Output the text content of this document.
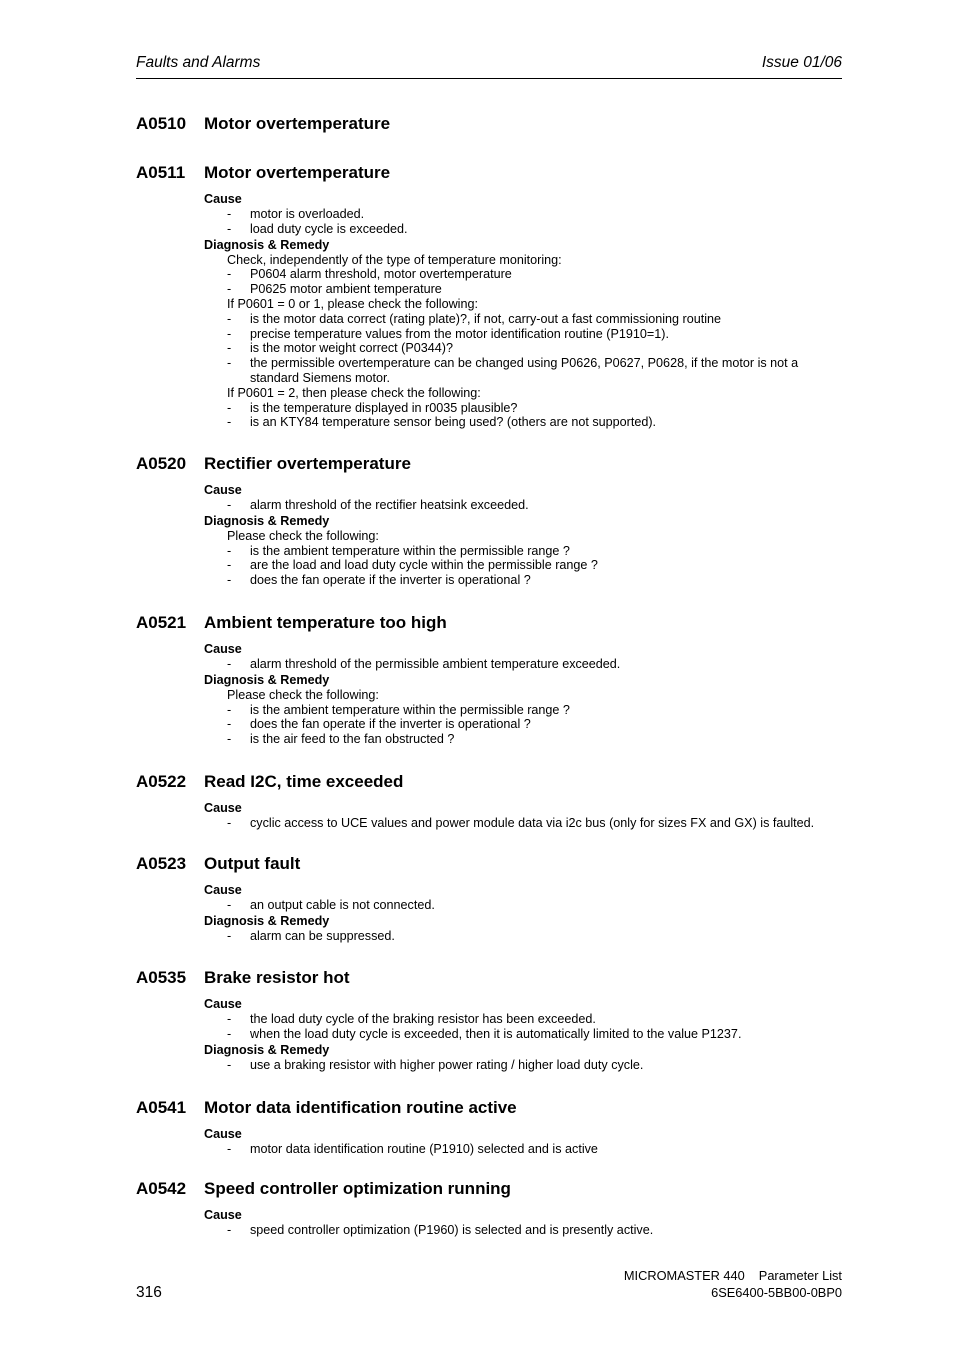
Faults and Alarms	Issue 01/06
A0510 Motor overtemperature
A0511 Motor overtemperature
Cause
- motor is overloaded.
- load duty cycle is exceeded.
Diagnosis & Remedy
Check, independently of the type of temperature monitoring:
- P0604 alarm threshold, motor overtemperature
- P0625 motor ambient temperature
If P0601 = 0 or 1, please check the following:
- is the motor data correct (rating plate)?, if not, carry-out a fast commissioning routine
- precise temperature values from the motor identification routine (P1910=1).
- is the motor weight correct (P0344)?
- the permissible overtemperature can be changed using P0626, P0627, P0628, if the motor is not a
standard Siemens motor.
If P0601 = 2, then please check the following:
- is the temperature displayed in r0035 plausible?
- is an KTY84 temperature sensor being used? (others are not supported).
A0520 Rectifier overtemperature
Cause
- alarm threshold of the rectifier heatsink exceeded.
Diagnosis & Remedy
Please check the following:
- is the ambient temperature within the permissible range ?
- are the load and load duty cycle within the permissible range ?
- does the fan operate if the inverter is operational ?
A0521 Ambient temperature too high
Cause
- alarm threshold of the permissible ambient temperature exceeded.
Diagnosis & Remedy
Please check the following:
- is the ambient temperature within the permissible range ?
- does the fan operate if the inverter is operational ?
- is the air feed to the fan obstructed ?
A0522 Read I2C, time exceeded
Cause
- cyclic access to UCE values and power module data via i2c bus (only for sizes FX and GX) is faulted.
A0523 Output fault
Cause
- an output cable is not connected.
Diagnosis & Remedy
- alarm can be suppressed.
A0535 Brake resistor hot
Cause
- the load duty cycle of the braking resistor has been exceeded.
- when the load duty cycle is exceeded, then it is automatically limited to the value P1237.
Diagnosis & Remedy
- use a braking resistor with higher power rating / higher load duty cycle.
A0541 Motor data identification routine active
Cause
- motor data identification routine (P1910) selected and is active
A0542 Speed controller optimization running
Cause
- speed controller optimization (P1960) is selected and is presently active.
316
MICROMASTER 440 Parameter List
6SE6400-5BB00-0BP0
